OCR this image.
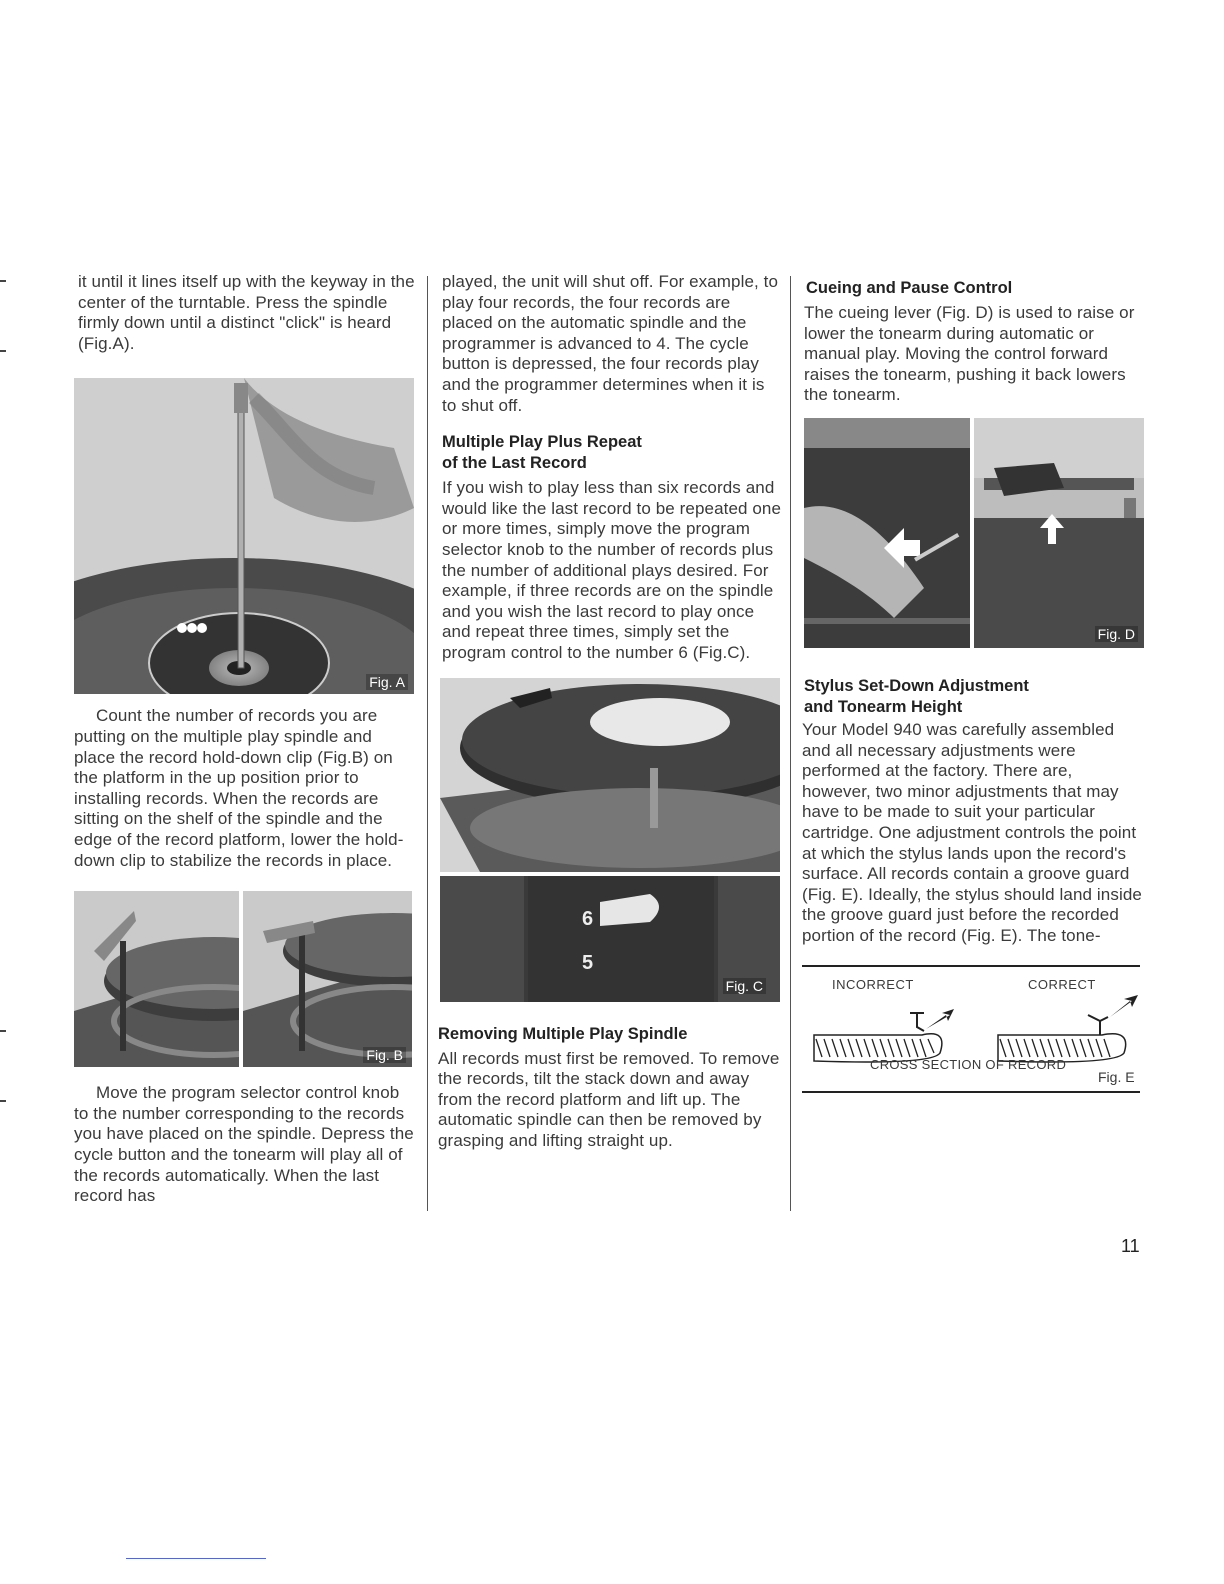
it until it lines itself up with the keyway in the center of the turntable. Press the spindle firmly down until a distinct "click" is heard (Fig.A).

Fig. A

Count the number of records you are putting on the multiple play spindle and place the record hold-down clip (Fig.B) on the platform in the up position prior to installing records. When the records are sitting on the shelf of the spindle and the edge of the record platform, lower the hold-down clip to stabilize the records in place.

Fig. B

Move the program selector control knob to the number corresponding to the records you have placed on the spindle. Depress the cycle button and the tonearm will play all of the records automatically. When the last record has

played, the unit will shut off. For example, to play four records, the four records are placed on the automatic spindle and the programmer is advanced to 4. The cycle button is depressed, the four records play and the programmer determines when it is to shut off.

Multiple Play Plus Repeat
of the Last Record

If you wish to play less than six records and would like the last record to be repeated one or more times, simply move the program selector knob to the number of records plus the number of additional plays desired. For example, if three records are on the spindle and you wish the last record to play once and repeat three times, simply set the program control to the number 6 (Fig.C).

6
5
Fig. C
Removing Multiple Play Spindle

All records must first be removed. To remove the records, tilt the stack down and away from the record platform and lift up. The automatic spindle can then be removed by grasping and lifting straight up.

Cueing and Pause Control

The cueing lever (Fig. D) is used to raise or lower the tonearm during automatic or manual play. Moving the control forward raises the tonearm, pushing it back lowers the tonearm.

Fig. D
Stylus Set-Down Adjustment
and Tonearm Height

Your Model 940 was carefully assembled and all necessary adjustments were performed at the factory. There are, however, two minor adjustments that may have to be made to suit your particular cartridge. One adjustment controls the point at which the stylus lands upon the record's surface. All records contain a groove guard (Fig. E). Ideally, the stylus should land inside the groove guard just before the recorded portion of the record (Fig. E). The tone-

INCORRECT	CORRECT
CROSS SECTION OF RECORD
Fig. E
11
